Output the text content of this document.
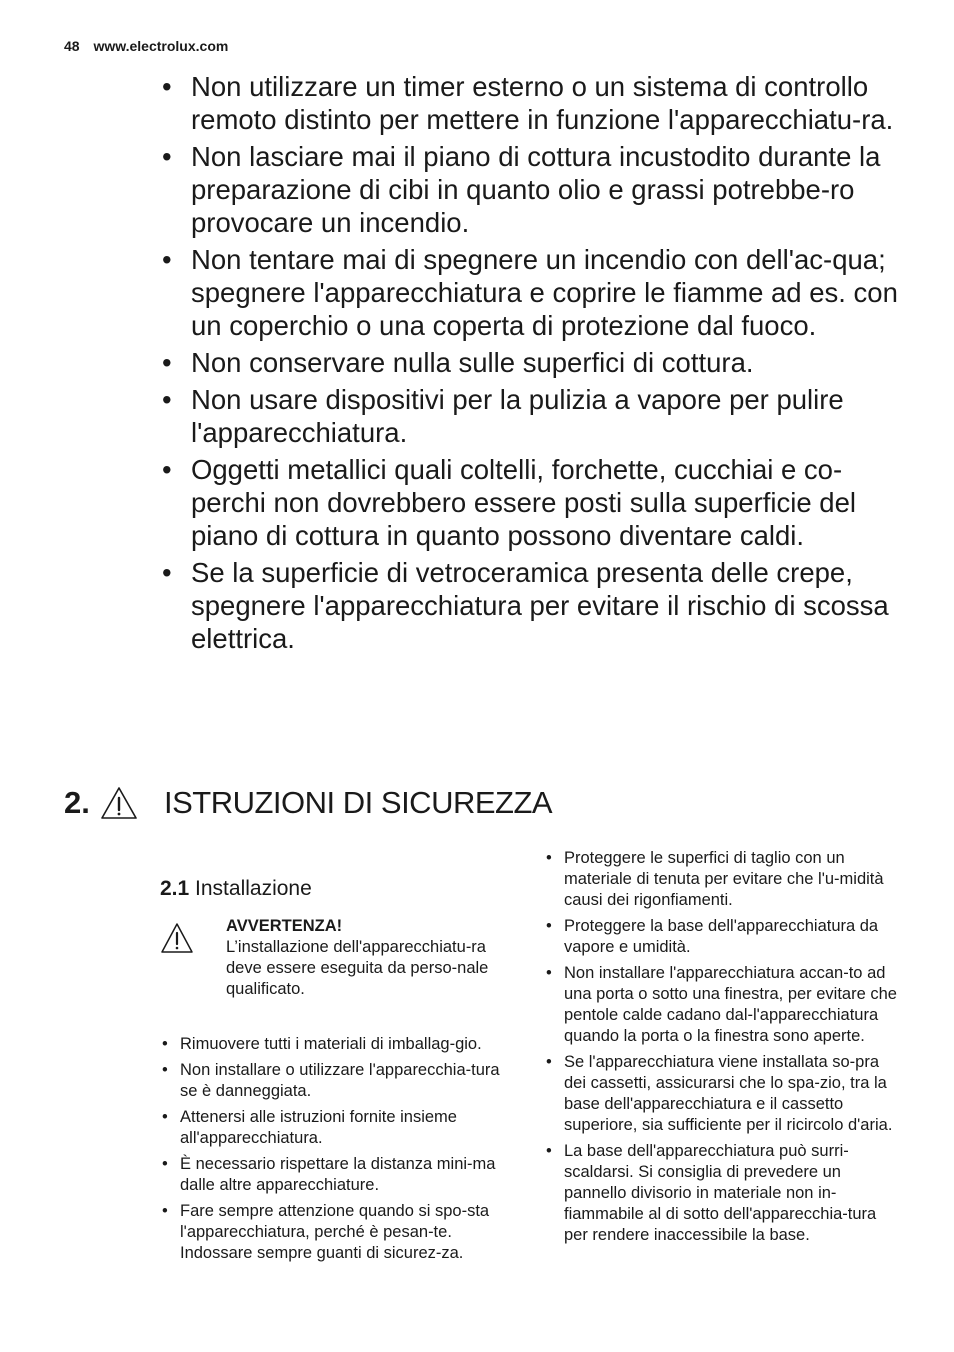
48 www.electrolux.com
• Non utilizzare un timer esterno o un sistema di controllo remoto distinto per mettere in funzione l'apparecchiatu-ra.
• Non lasciare mai il piano di cottura incustodito durante la preparazione di cibi in quanto olio e grassi potrebbe-ro provocare un incendio.
• Non tentare mai di spegnere un incendio con dell'ac-qua; spegnere l'apparecchiatura e coprire le fiamme ad es. con un coperchio o una coperta di protezione dal fuoco.
• Non conservare nulla sulle superfici di cottura.
• Non usare dispositivi per la pulizia a vapore per pulire l'apparecchiatura.
• Oggetti metallici quali coltelli, forchette, cucchiai e co-perchi non dovrebbero essere posti sulla superficie del piano di cottura in quanto possono diventare caldi.
• Se la superficie di vetroceramica presenta delle crepe, spegnere l'apparecchiatura per evitare il rischio di scossa elettrica.
2.	ISTRUZIONI DI SICUREZZA
2.1 Installazione
AVVERTENZA!
L’installazione dell'apparecchiatu-ra deve essere eseguita da perso-nale qualificato.
• Rimuovere tutti i materiali di imballag-gio.
• Non installare o utilizzare l'apparecchia-tura se è danneggiata.
• Attenersi alle istruzioni fornite insieme all'apparecchiatura.
• È necessario rispettare la distanza mini-ma dalle altre apparecchiature.
• Fare sempre attenzione quando si spo-sta l'apparecchiatura, perché è pesan-te. Indossare sempre guanti di sicurez-za.
• Proteggere le superfici di taglio con un materiale di tenuta per evitare che l'u-midità causi dei rigonfiamenti.
• Proteggere la base dell'apparecchiatura da vapore e umidità.
• Non installare l'apparecchiatura accan-to ad una porta o sotto una finestra, per evitare che pentole calde cadano dal-l'apparecchiatura quando la porta o la finestra sono aperte.
• Se l'apparecchiatura viene installata so-pra dei cassetti, assicurarsi che lo spa-zio, tra la base dell'apparecchiatura e il cassetto superiore, sia sufficiente per il ricircolo d'aria.
• La base dell'apparecchiatura può surri-scaldarsi. Si consiglia di prevedere un pannello divisorio in materiale non in-fiammabile al di sotto dell'apparecchia-tura per rendere inaccessibile la base.
